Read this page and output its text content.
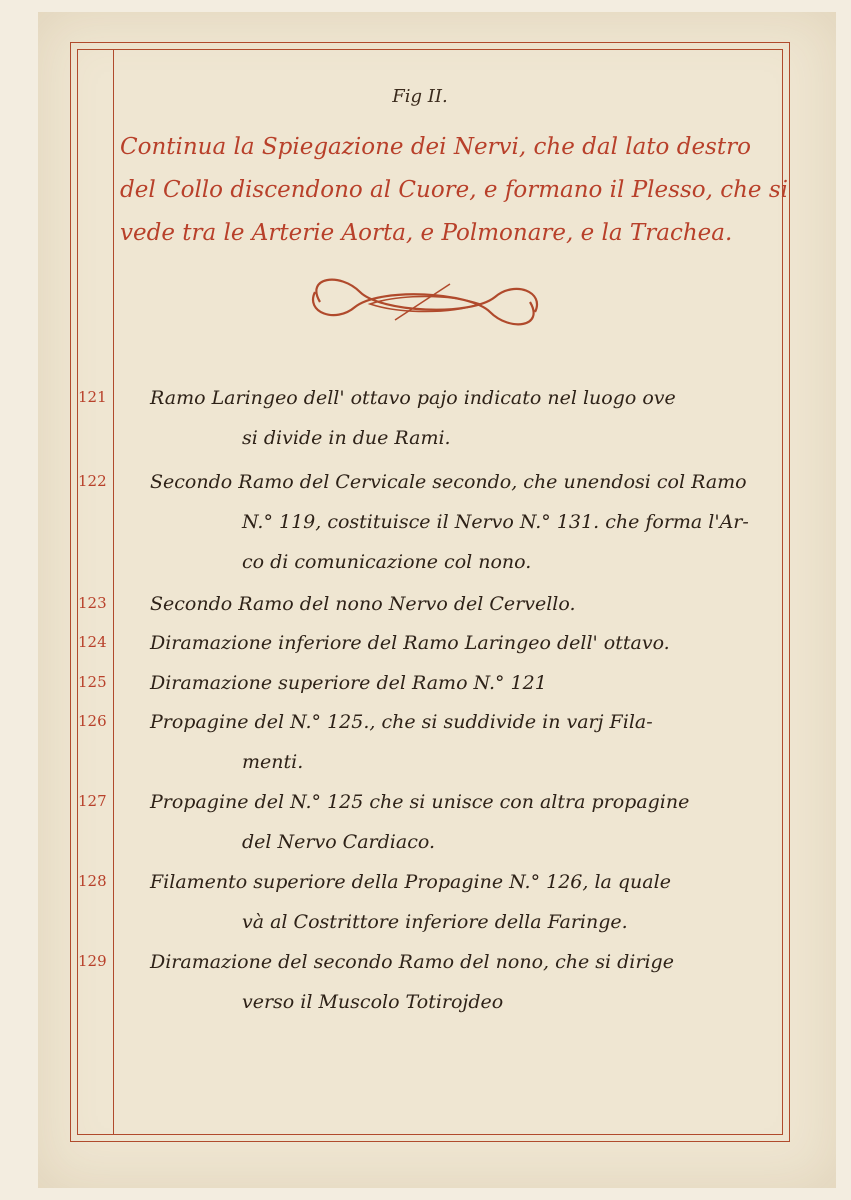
Fig II.
Continua la Spiegazione dei Nervi, che dal lato destro
del Collo discendono al Cuore, e formano il Plesso, che si
vede tra le Arterie Aorta, e Polmonare, e la Trachea.
121	Ramo Laringeo dell' ottavo pajo indicato nel luogo ove
si divide in due Rami.
122	Secondo Ramo del Cervicale secondo, che unendosi col Ramo
N.° 119, costituisce il Nervo N.° 131. che forma l'Ar-
co di comunicazione col nono.
123	Secondo Ramo del nono Nervo del Cervello.
124	Diramazione inferiore del Ramo Laringeo dell' ottavo.
125	Diramazione superiore del Ramo N.° 121
126	Propagine del N.° 125., che si suddivide in varj Fila-
menti.
127	Propagine del N.° 125 che si unisce con altra propagine
del Nervo Cardiaco.
128	Filamento superiore della Propagine N.° 126, la quale
và al Costrittore inferiore della Faringe.
129	Diramazione del secondo Ramo del nono, che si dirige
verso il Muscolo Totirojdeo
